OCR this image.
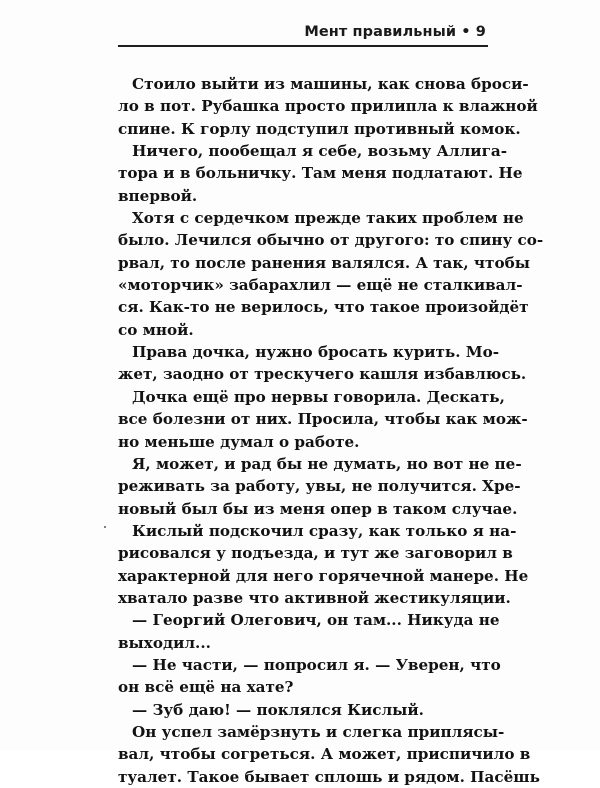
Мент правильный • 9
Стоило выйти из машины, как снова броси-
ло в пот. Рубашка просто прилипла к влажной
спине. К горлу подступил противный комок.
Ничего, пообещал я себе, возьму Аллига-
тора и в больничку. Там меня подлатают. Не
впервой.
Хотя с сердечком прежде таких проблем не
было. Лечился обычно от другого: то спину со-
рвал, то после ранения валялся. А так, чтобы
«моторчик» забарахлил — ещё не сталкивал-
ся. Как-то не верилось, что такое произойдёт
со мной.
Права дочка, нужно бросать курить. Мо-
жет, заодно от трескучего кашля избавлюсь.
Дочка ещё про нервы говорила. Дескать,
все болезни от них. Просила, чтобы как мож-
но меньше думал о работе.
Я, может, и рад бы не думать, но вот не пе-
реживать за работу, увы, не получится. Хре-
новый был бы из меня опер в таком случае.
Кислый подскочил сразу, как только я на-
рисовался у подъезда, и тут же заговорил в
характерной для него горячечной манере. Не
хватало разве что активной жестикуляции.
— Георгий Олегович, он там... Никуда не
выходил...
— Не части, — попросил я. — Уверен, что
он всё ещё на хате?
— Зуб даю! — поклялся Кислый.
Он успел замёрзнуть и слегка приплясы-
вал, чтобы согреться. А может, приспичило в
туалет. Такое бывает сплошь и рядом. Пасёшь
